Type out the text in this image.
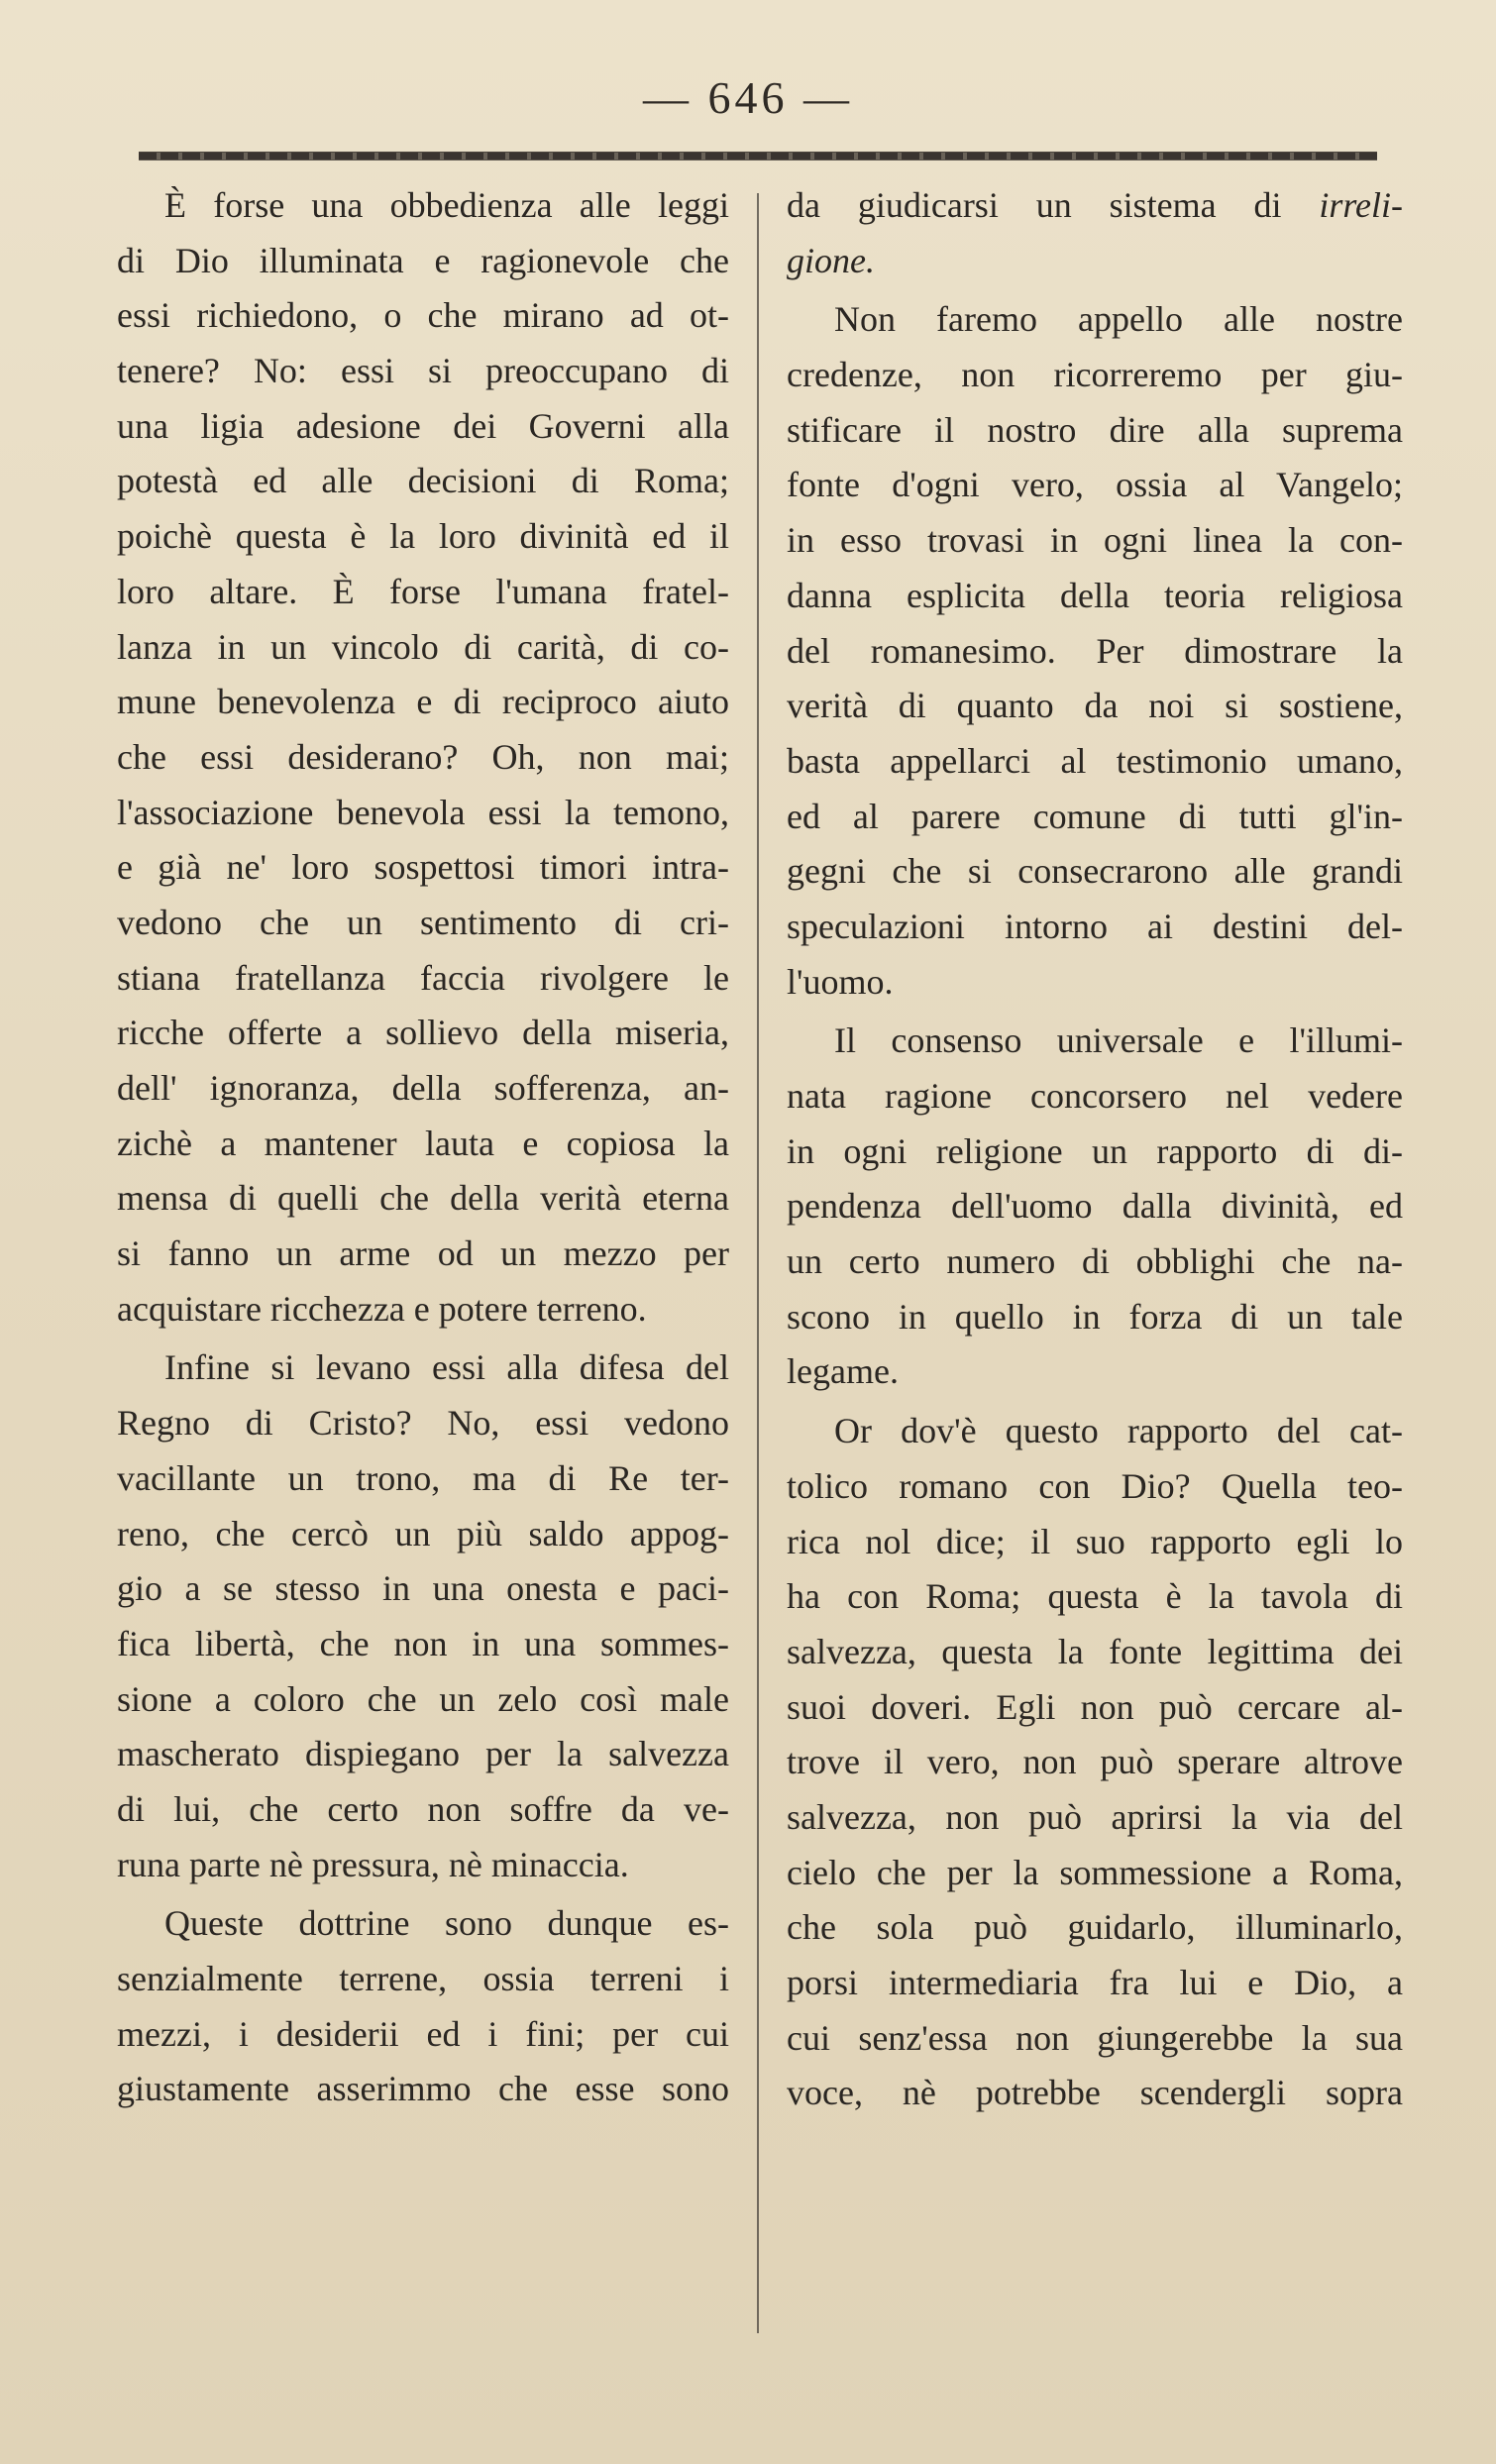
— 646 —
È forse una obbedienza alle leggi
di Dio illuminata e ragionevole che
essi richiedono, o che mirano ad ot-
tenere? No: essi si preoccupano di
una ligia adesione dei Governi alla
potestà ed alle decisioni di Roma;
poichè questa è la loro divinità ed il
loro altare. È forse l'umana fratel-
lanza in un vincolo di carità, di co-
mune benevolenza e di reciproco aiuto
che essi desiderano? Oh, non mai;
l'associazione benevola essi la temono,
e già ne' loro sospettosi timori intra-
vedono che un sentimento di cri-
stiana fratellanza faccia rivolgere le
ricche offerte a sollievo della miseria,
dell' ignoranza, della sofferenza, an-
zichè a mantener lauta e copiosa la
mensa di quelli che della verità eterna
si fanno un arme od un mezzo per
acquistare ricchezza e potere terreno.
Infine si levano essi alla difesa del
Regno di Cristo? No, essi vedono
vacillante un trono, ma di Re ter-
reno, che cercò un più saldo appog-
gio a se stesso in una onesta e paci-
fica libertà, che non in una sommes-
sione a coloro che un zelo così male
mascherato dispiegano per la salvezza
di lui, che certo non soffre da ve-
runa parte nè pressura, nè minaccia.
Queste dottrine sono dunque es-
senzialmente terrene, ossia terreni i
mezzi, i desiderii ed i fini; per cui
giustamente asserimmo che esse sono
da giudicarsi un sistema di irreli-
gione.
Non faremo appello alle nostre
credenze, non ricorreremo per giu-
stificare il nostro dire alla suprema
fonte d'ogni vero, ossia al Vangelo;
in esso trovasi in ogni linea la con-
danna esplicita della teoria religiosa
del romanesimo. Per dimostrare la
verità di quanto da noi si sostiene,
basta appellarci al testimonio umano,
ed al parere comune di tutti gl'in-
gegni che si consecrarono alle grandi
speculazioni intorno ai destini del-
l'uomo.
Il consenso universale e l'illumi-
nata ragione concorsero nel vedere
in ogni religione un rapporto di di-
pendenza dell'uomo dalla divinità, ed
un certo numero di obblighi che na-
scono in quello in forza di un tale
legame.
Or dov'è questo rapporto del cat-
tolico romano con Dio? Quella teo-
rica nol dice; il suo rapporto egli lo
ha con Roma; questa è la tavola di
salvezza, questa la fonte legittima dei
suoi doveri. Egli non può cercare al-
trove il vero, non può sperare altrove
salvezza, non può aprirsi la via del
cielo che per la sommessione a Roma,
che sola può guidarlo, illuminarlo,
porsi intermediaria fra lui e Dio, a
cui senz'essa non giungerebbe la sua
voce, nè potrebbe scendergli sopra
